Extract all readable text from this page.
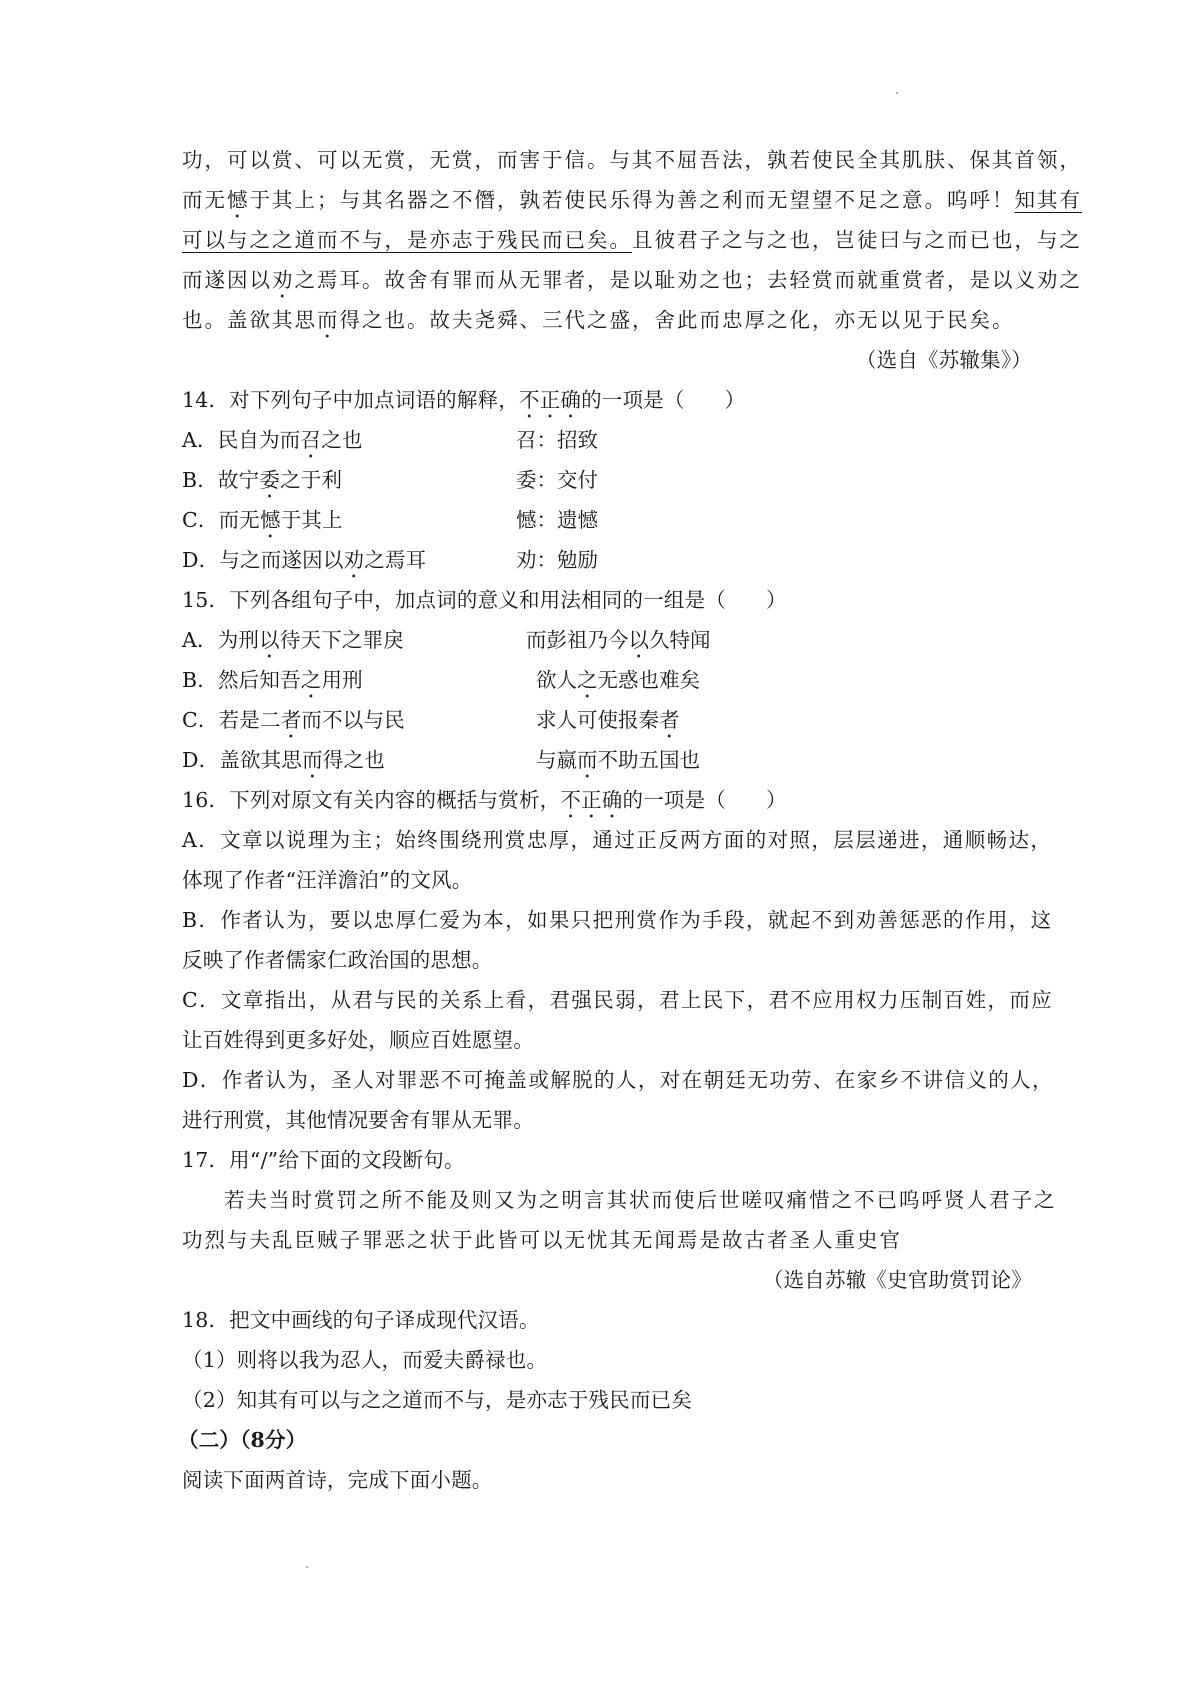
功，可以赏、可以无赏，无赏，而害于信。与其不屈吾法，孰若使民全其肌肤、保其首领，
而无憾于其上；与其名器之不僭，孰若使民乐得为善之利而无望望不足之意。呜呼！知其有
可以与之之道而不与，是亦志于残民而已矣。且彼君子之与之也，岂徒曰与之而已也，与之
而遂因以劝之焉耳。故舍有罪而从无罪者，是以耻劝之也；去轻赏而就重赏者，是以义劝之
也。盖欲其思而得之也。故夫尧舜、三代之盛，舍此而忠厚之化，亦无以见于民矣。
（选自《苏辙集》）
14．对下列句子中加点词语的解释，不正确的一项是（ ）
A．民自为而召之也	召：招致
B．故宁委之于利	委：交付
C．而无憾于其上	憾：遗憾
D．与之而遂因以劝之焉耳	劝：勉励
15．下列各组句子中，加点词的意义和用法相同的一组是（ ）
A．为刑以待天下之罪戾	而彭祖乃今以久特闻
B．然后知吾之用刑	欲人之无惑也难矣
C．若是二者而不以与民	求人可使报秦者
D．盖欲其思而得之也	与嬴而不助五国也
16．下列对原文有关内容的概括与赏析，不正确的一项是（ ）
A．文章以说理为主；始终围绕刑赏忠厚，通过正反两方面的对照，层层递进，通顺畅达，
体现了作者“汪洋澹泊”的文风。
B．作者认为，要以忠厚仁爱为本，如果只把刑赏作为手段，就起不到劝善惩恶的作用，这
反映了作者儒家仁政治国的思想。
C．文章指出，从君与民的关系上看，君强民弱，君上民下，君不应用权力压制百姓，而应
让百姓得到更多好处，顺应百姓愿望。
D．作者认为，圣人对罪恶不可掩盖或解脱的人，对在朝廷无功劳、在家乡不讲信义的人，
进行刑赏，其他情况要舍有罪从无罪。
17．用“/”给下面的文段断句。
若夫当时赏罚之所不能及则又为之明言其状而使后世嗟叹痛惜之不已呜呼贤人君子之
功烈与夫乱臣贼子罪恶之状于此皆可以无忧其无闻焉是故古者圣人重史官
（选自苏辙《史官助赏罚论》
18．把文中画线的句子译成现代汉语。
（1）则将以我为忍人，而爱夫爵禄也。
（2）知其有可以与之之道而不与，是亦志于残民而已矣
（二）（8分）
阅读下面两首诗，完成下面小题。
